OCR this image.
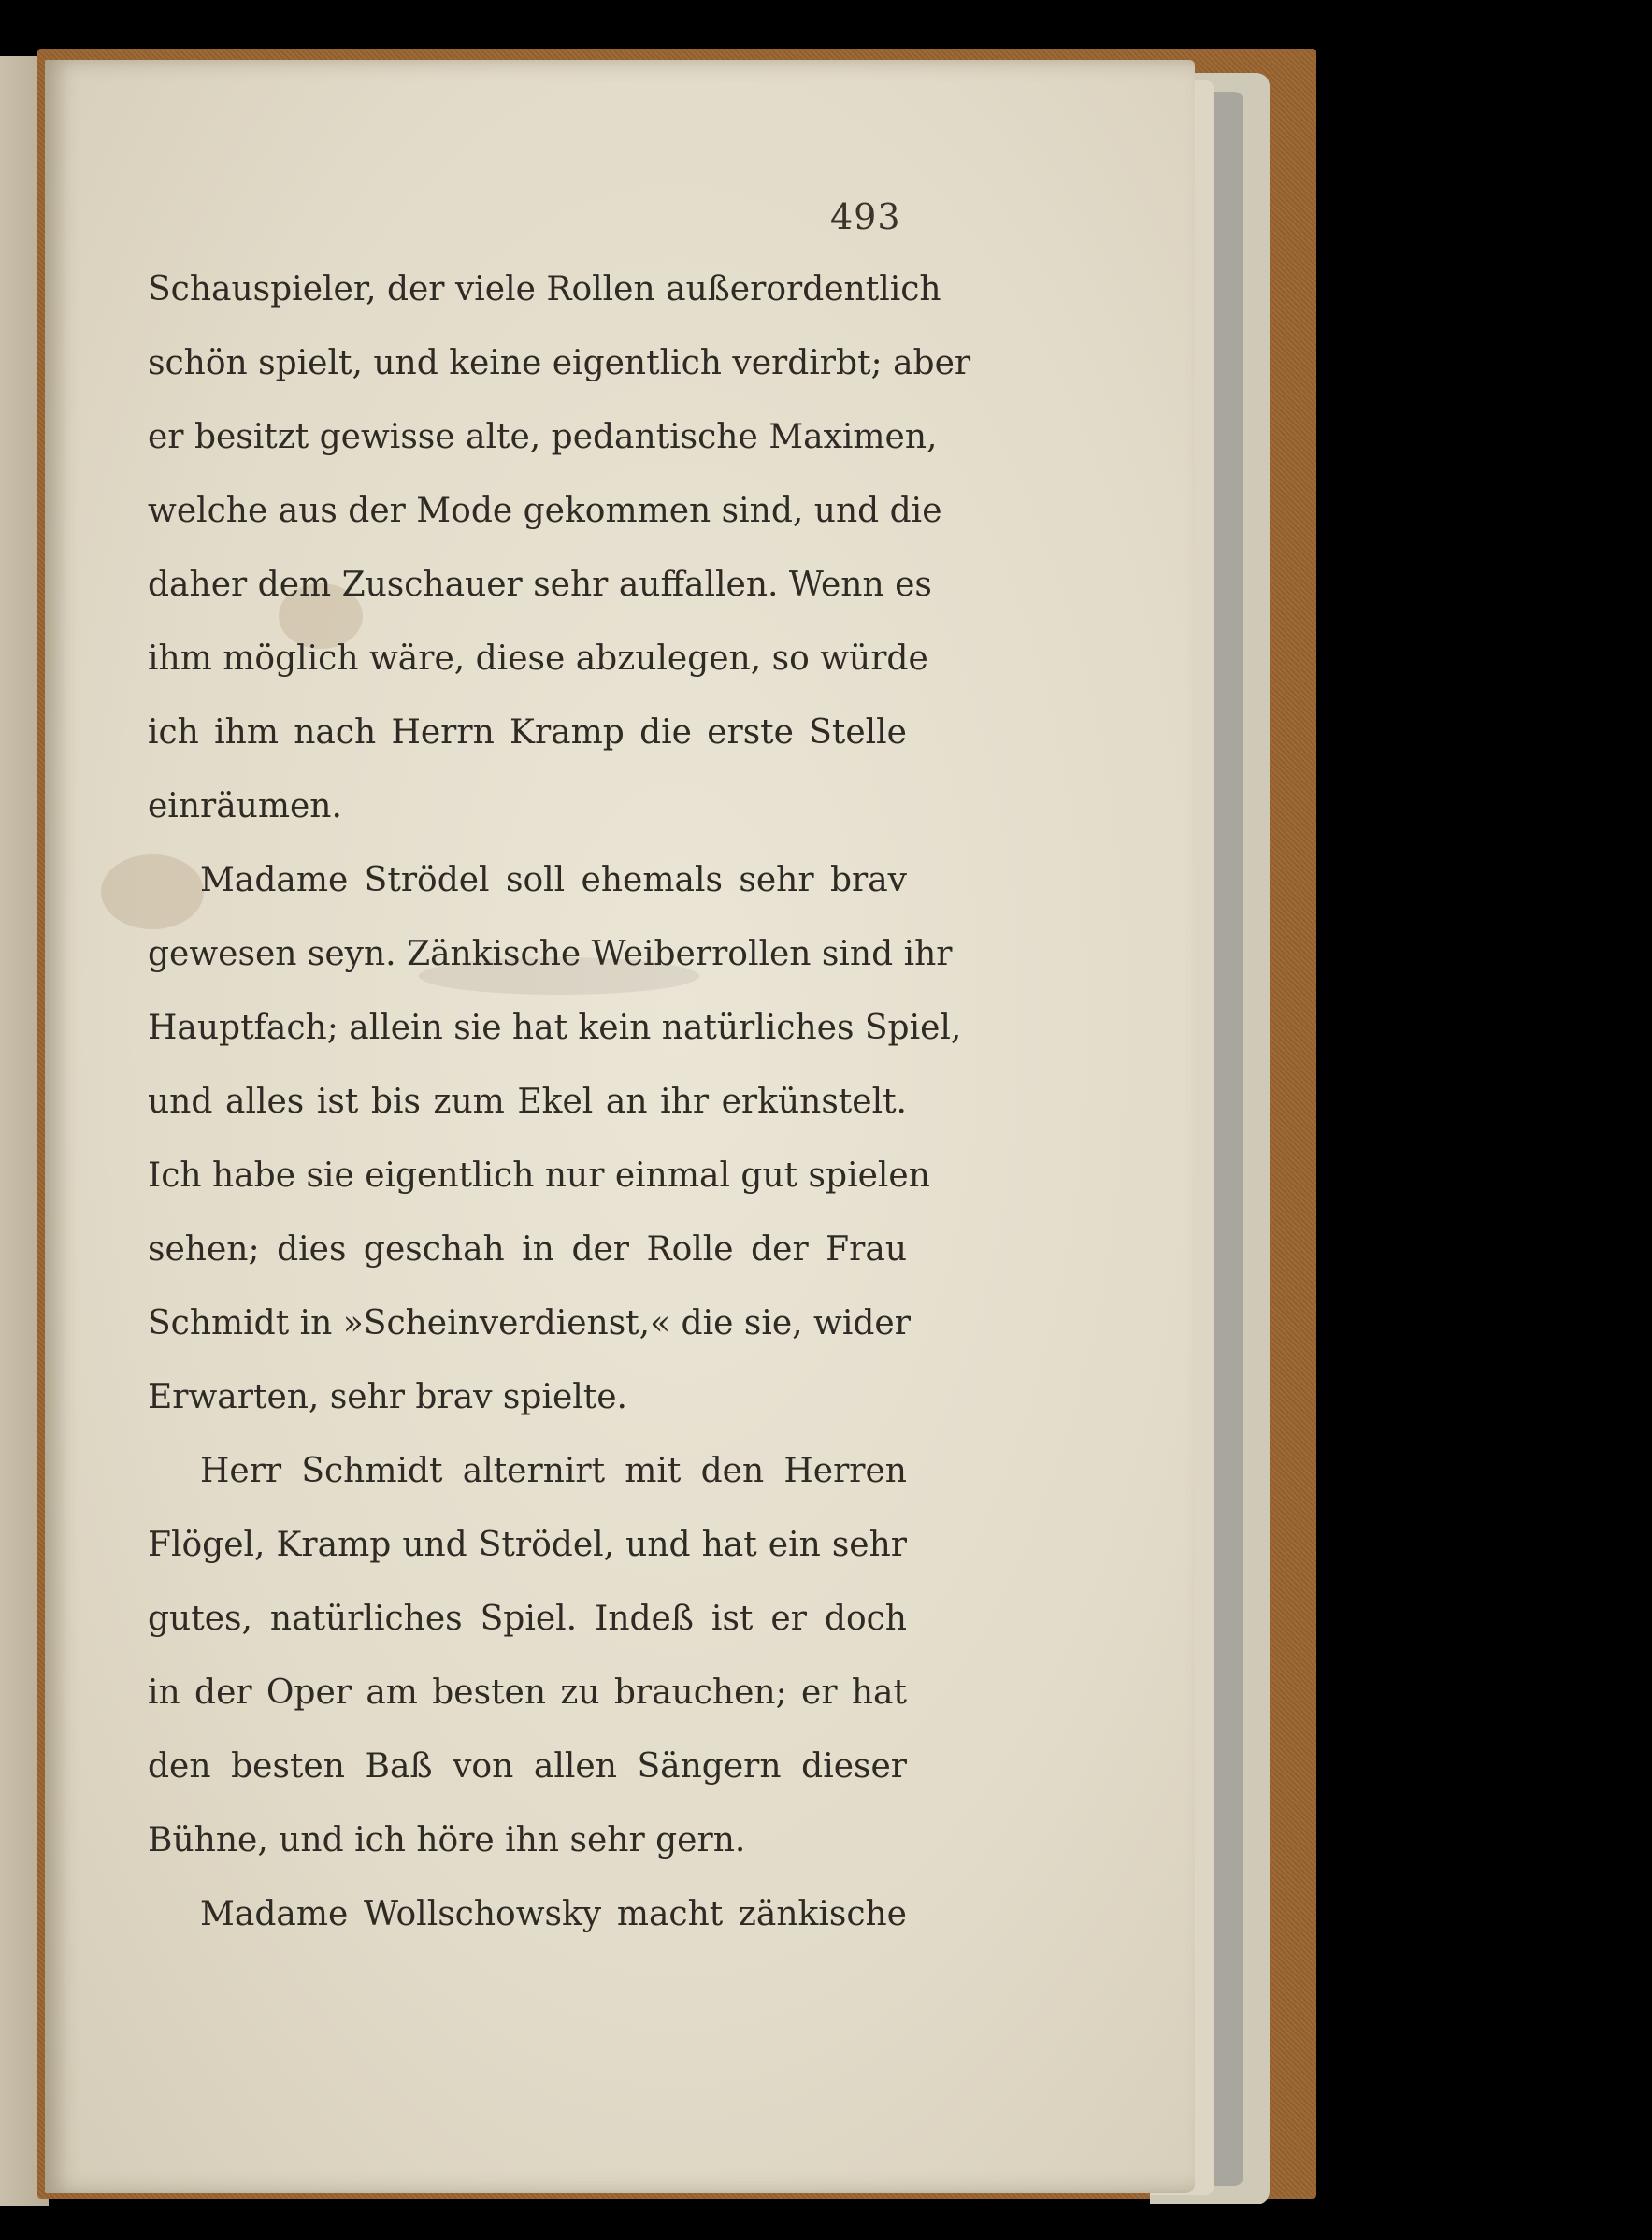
493
Schauspieler, der viele Rollen außerordentlich
schön spielt, und keine eigentlich verdirbt; aber
er besitzt gewisse alte, pedantische Maximen,
welche aus der Mode gekommen sind, und die
daher dem Zuschauer sehr auffallen. Wenn es
ihm möglich wäre, diese abzulegen, so würde
ich ihm nach Herrn Kramp die erste Stelle
einräumen.
Madame Strödel soll ehemals sehr brav
gewesen seyn. Zänkische Weiberrollen sind ihr
Hauptfach; allein sie hat kein natürliches Spiel,
und alles ist bis zum Ekel an ihr erkünstelt.
Ich habe sie eigentlich nur einmal gut spielen
sehen; dies geschah in der Rolle der Frau
Schmidt in »Scheinverdienst,« die sie, wider
Erwarten, sehr brav spielte.
Herr Schmidt alternirt mit den Herren
Flögel, Kramp und Strödel, und hat ein sehr
gutes, natürliches Spiel. Indeß ist er doch
in der Oper am besten zu brauchen; er hat
den besten Baß von allen Sängern dieser
Bühne, und ich höre ihn sehr gern.
Madame Wollschowsky macht zänkische
